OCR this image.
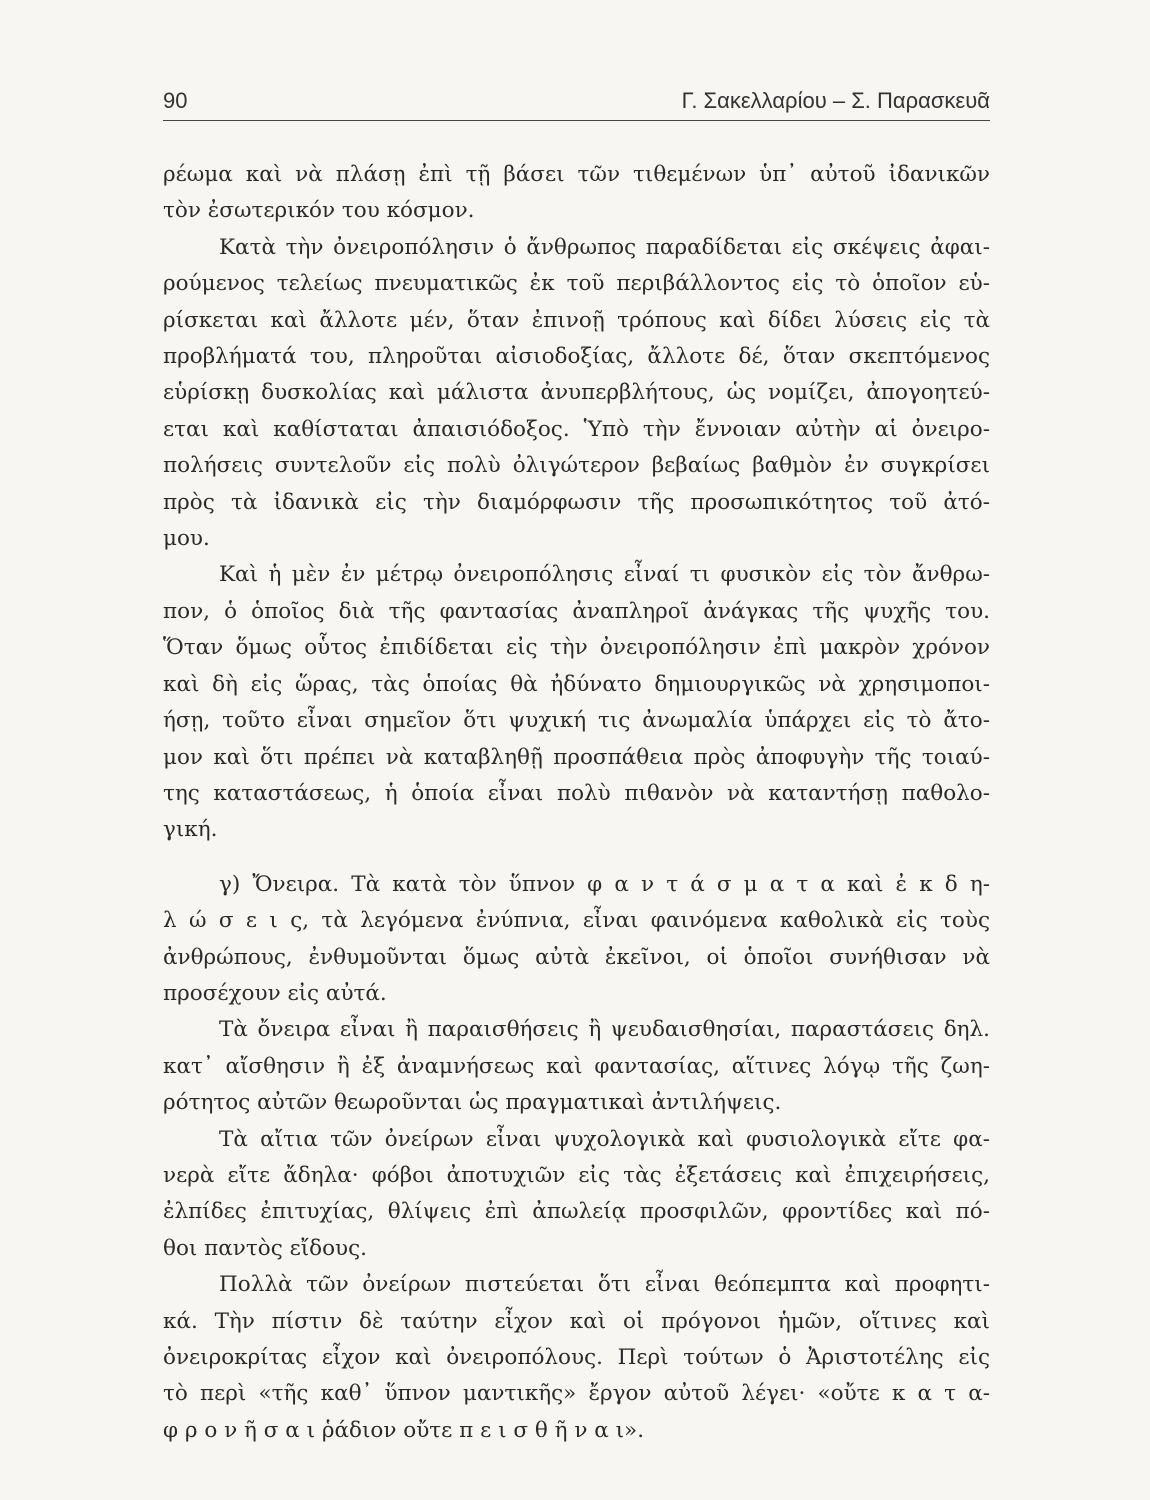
90	Γ. Σακελλαρίου – Σ. Παρασκευᾶ
ρέωμα καὶ νὰ πλάσῃ ἐπὶ τῇ βάσει τῶν τιθεμένων ὑπ᾽ αὐτοῦ ἰδανικῶν
τὸν ἐσωτερικόν του κόσμον.
Κατὰ τὴν ὀνειροπόλησιν ὁ ἄνθρωπος παραδίδεται εἰς σκέψεις ἀφαι-
ρούμενος τελείως πνευματικῶς ἐκ τοῦ περιβάλλοντος εἰς τὸ ὁποῖον εὑ-
ρίσκεται καὶ ἄλλοτε μέν, ὅταν ἐπινοῇ τρόπους καὶ δίδει λύσεις εἰς τὰ
προβλήματά του, πληροῦται αἰσιοδοξίας, ἄλλοτε δέ, ὅταν σκεπτόμενος
εὑρίσκῃ δυσκολίας καὶ μάλιστα ἀνυπερβλήτους, ὡς νομίζει, ἀπογοητεύ-
εται καὶ καθίσταται ἀπαισιόδοξος. Ὑπὸ τὴν ἔννοιαν αὐτὴν αἱ ὀνειρο-
πολήσεις συντελοῦν εἰς πολὺ ὀλιγώτερον βεβαίως βαθμὸν ἐν συγκρίσει
πρὸς τὰ ἰδανικὰ εἰς τὴν διαμόρφωσιν τῆς προσωπικότητος τοῦ ἀτό-
μου.
Καὶ ἡ μὲν ἐν μέτρῳ ὀνειροπόλησις εἶναί τι φυσικὸν εἰς τὸν ἄνθρω-
πον, ὁ ὁποῖος διὰ τῆς φαντασίας ἀναπληροῖ ἀνάγκας τῆς ψυχῆς του.
Ὅταν ὅμως οὗτος ἐπιδίδεται εἰς τὴν ὀνειροπόλησιν ἐπὶ μακρὸν χρόνον
καὶ δὴ εἰς ὥρας, τὰς ὁποίας θὰ ἠδύνατο δημιουργικῶς νὰ χρησιμοποι-
ήσῃ, τοῦτο εἶναι σημεῖον ὅτι ψυχική τις ἀνωμαλία ὑπάρχει εἰς τὸ ἄτο-
μον καὶ ὅτι πρέπει νὰ καταβληθῇ προσπάθεια πρὸς ἀποφυγὴν τῆς τοιαύ-
της καταστάσεως, ἡ ὁποία εἶναι πολὺ πιθανὸν νὰ καταντήσῃ παθολο-
γική.
γ) Ὄνειρα. Τὰ κατὰ τὸν ὕπνον φ α ν τ ά σ μ α τ α καὶ ἐ κ δ η-
λ ώ σ ε ι ς, τὰ λεγόμενα ἐνύπνια, εἶναι φαινόμενα καθολικὰ εἰς τοὺς
ἀνθρώπους, ἐνθυμοῦνται ὅμως αὐτὰ ἐκεῖνοι, οἱ ὁποῖοι συνήθισαν νὰ
προσέχουν εἰς αὐτά.
Τὰ ὄνειρα εἶναι ἢ παραισθήσεις ἢ ψευδαισθησίαι, παραστάσεις δηλ.
κατ᾽ αἴσθησιν ἢ ἐξ ἀναμνήσεως καὶ φαντασίας, αἵτινες λόγῳ τῆς ζωη-
ρότητος αὐτῶν θεωροῦνται ὡς πραγματικαὶ ἀντιλήψεις.
Τὰ αἴτια τῶν ὀνείρων εἶναι ψυχολογικὰ καὶ φυσιολογικὰ εἴτε φα-
νερὰ εἴτε ἄδηλα· φόβοι ἀποτυχιῶν εἰς τὰς ἐξετάσεις καὶ ἐπιχειρήσεις,
ἐλπίδες ἐπιτυχίας, θλίψεις ἐπὶ ἀπωλείᾳ προσφιλῶν, φροντίδες καὶ πό-
θοι παντὸς εἴδους.
Πολλὰ τῶν ὀνείρων πιστεύεται ὅτι εἶναι θεόπεμπτα καὶ προφητι-
κά. Τὴν πίστιν δὲ ταύτην εἶχον καὶ οἱ πρόγονοι ἡμῶν, οἵτινες καὶ
ὀνειροκρίτας εἶχον καὶ ὀνειροπόλους. Περὶ τούτων ὁ Ἀριστοτέλης εἰς
τὸ περὶ «τῆς καθ᾽ ὕπνον μαντικῆς» ἔργον αὐτοῦ λέγει· «οὔτε κ α τ α-
φ ρ ο ν ῆ σ α ι ῥάδιον οὔτε π ε ι σ θ ῆ ν α ι».
